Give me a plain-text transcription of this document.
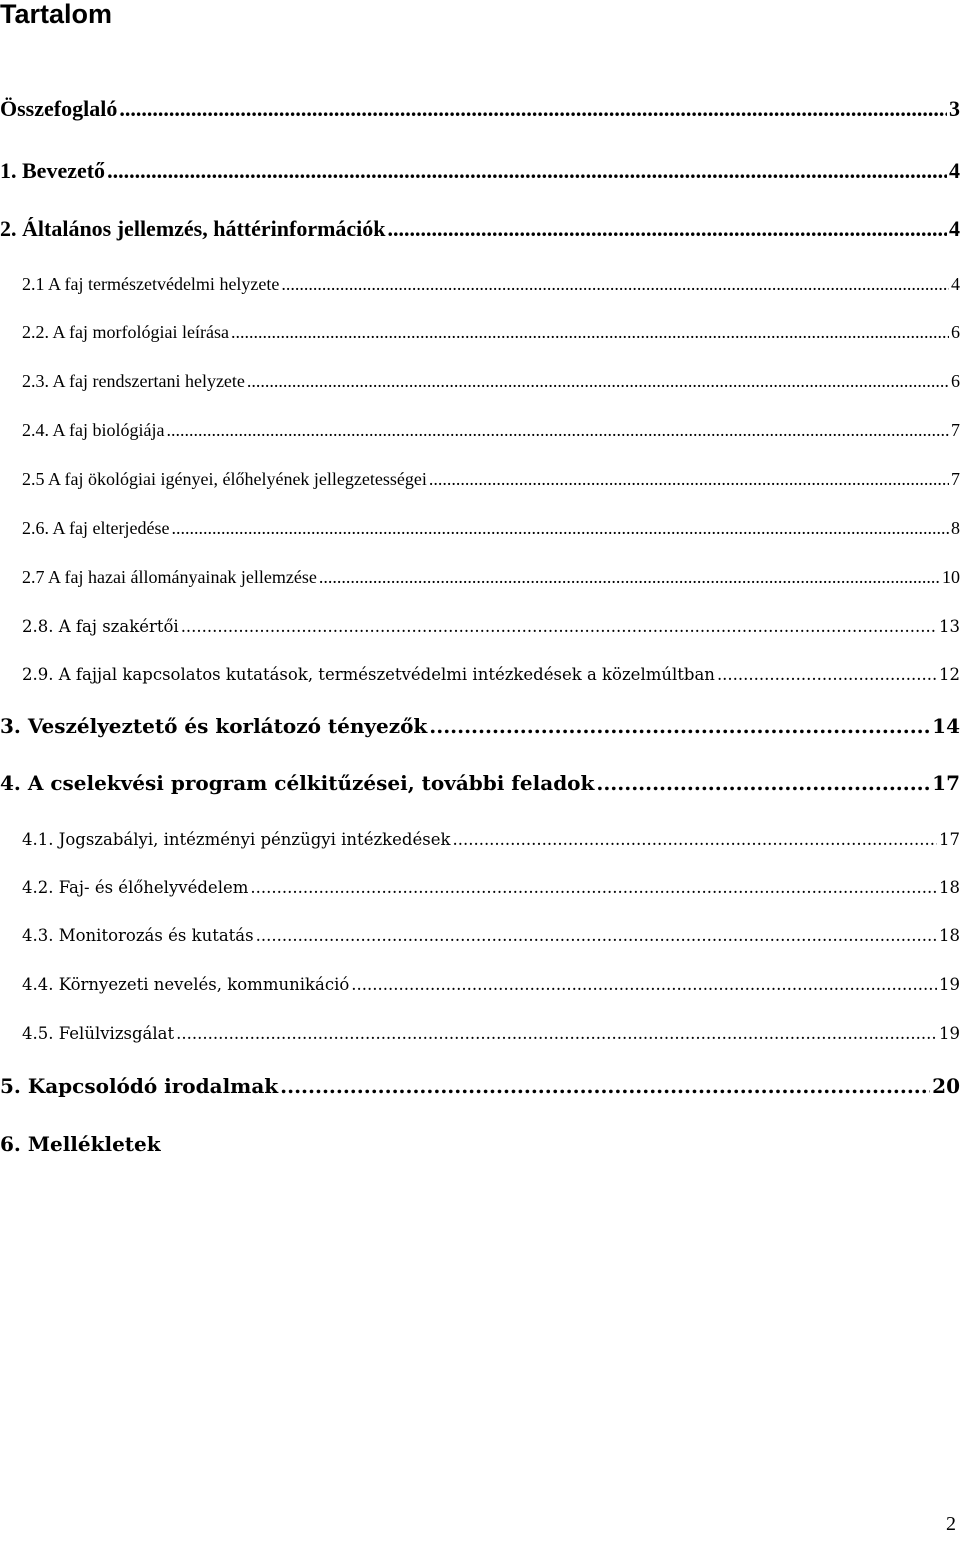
Tartalom
Összefoglaló .....	3
1. Bevezető .....	4
2. Általános jellemzés, háttérinformációk .....	4
2.1 A faj természetvédelmi helyzete .....	4
2.2. A faj morfológiai leírása .....	6
2.3. A faj rendszertani helyzete .....	6
2.4. A faj biológiája .....	7
2.5 A faj ökológiai igényei, élőhelyének jellegzetességei .....	7
2.6. A faj elterjedése .....	8
2.7 A faj hazai állományainak jellemzése .....	10
2.8. A faj szakértői .....	13
2.9. A fajjal kapcsolatos kutatások, természetvédelmi intézkedések a közelmúltban .....	12
3. Veszélyeztető és korlátozó tényezők .....	14
4. A cselekvési program célkitűzései, további feladok .....	17
4.1. Jogszabályi, intézményi pénzügyi intézkedések .....	17
4.2. Faj- és élőhelyvédelem .....	18
4.3. Monitorozás és kutatás .....	18
4.4. Környezeti nevelés, kommunikáció .....	19
4.5. Felülvizsgálat .....	19
5. Kapcsolódó irodalmak .....	20
6. Mellékletek
2
